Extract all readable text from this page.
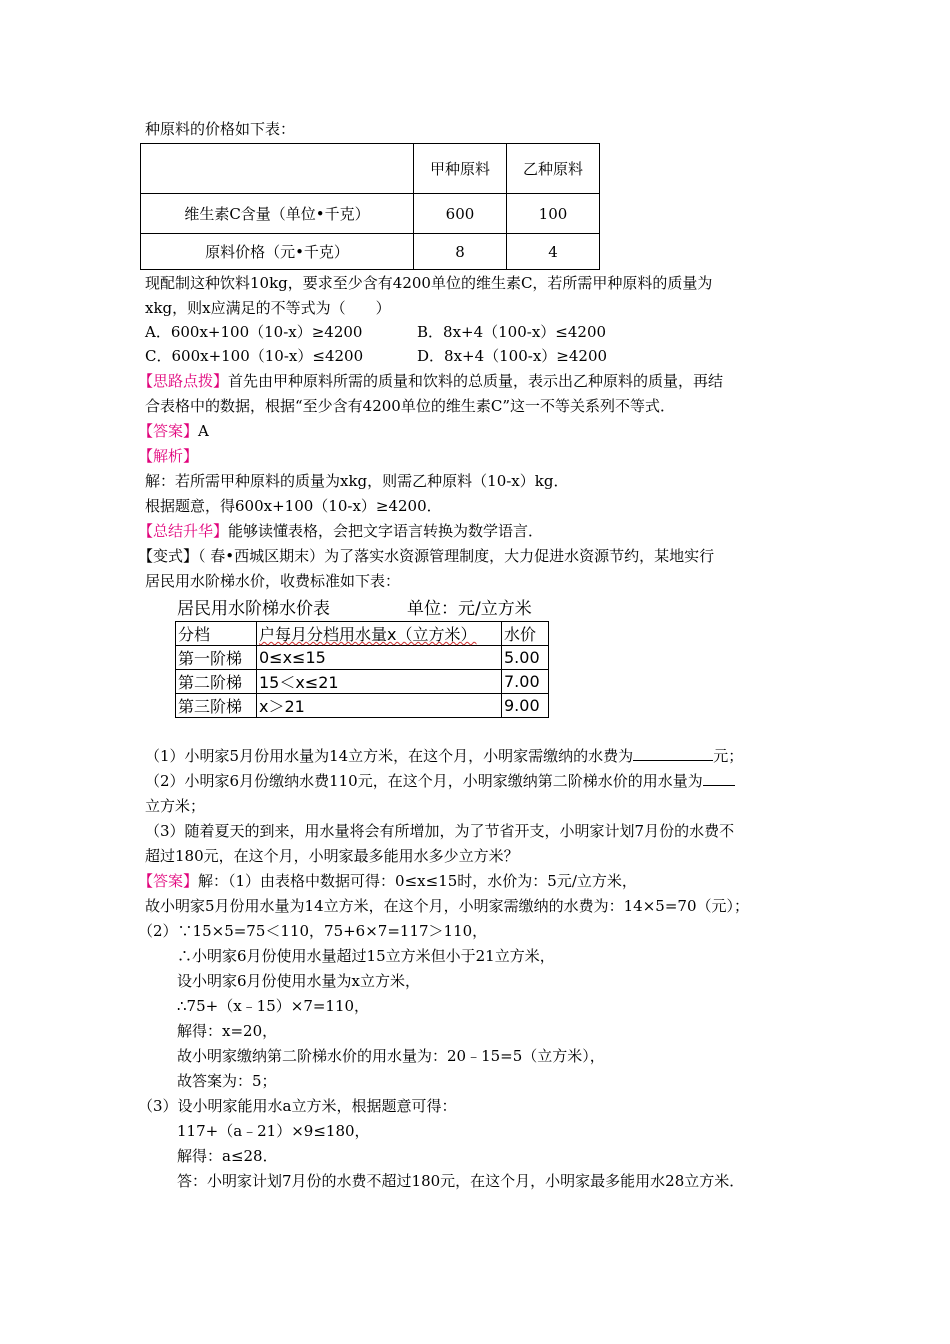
种原料的价格如下表：
	甲种原料	乙种原料
维生素C含量（单位•千克）	600	100
原料价格（元•千克）	8	4
现配制这种饮料10kg，要求至少含有4200单位的维生素C，若所需甲种原料的质量为
xkg，则x应满足的不等式为（　　）
A．600x+100（10-x）≥4200	B．8x+4（100-x）≤4200
C．600x+100（10-x）≤4200	D．8x+4（100-x）≥4200
【思路点拨】首先由甲种原料所需的质量和饮料的总质量，表示出乙种原料的质量，再结
合表格中的数据，根据“至少含有4200单位的维生素C”这一不等关系列不等式．
【答案】A
【解析】
解：若所需甲种原料的质量为xkg，则需乙种原料（10-x）kg．
根据题意，得600x+100（10-x）≥4200．
【总结升华】能够读懂表格，会把文字语言转换为数学语言．
【变式】（ 春•西城区期末）为了落实水资源管理制度，大力促进水资源节约，某地实行
居民用水阶梯水价，收费标准如下表：
居民用水阶梯水价表	单位：元/立方米
分档	户每月分档用水量x（立方米）	水价
第一阶梯	0≤x≤15	5.00
第二阶梯	15＜x≤21	7.00
第三阶梯	x＞21	9.00
（1）小明家5月份用水量为14立方米，在这个月，小明家需缴纳的水费为	元；
（2）小明家6月份缴纳水费110元，在这个月，小明家缴纳第二阶梯水价的用水量为
立方米；
（3）随着夏天的到来，用水量将会有所增加，为了节省开支，小明家计划7月份的水费不
超过180元，在这个月，小明家最多能用水多少立方米？
【答案】解：（1）由表格中数据可得：0≤x≤15时，水价为：5元/立方米，
故小明家5月份用水量为14立方米，在这个月，小明家需缴纳的水费为：14×5=70（元）；
（2）∵15×5=75＜110，75+6×7=117＞110，
∴小明家6月份使用水量超过15立方米但小于21立方米，
设小明家6月份使用水量为x立方米，
∴75+（x﹣15）×7=110，
解得：x=20，
故小明家缴纳第二阶梯水价的用水量为：20﹣15=5（立方米），
故答案为：5；
（3）设小明家能用水a立方米，根据题意可得：
117+（a﹣21）×9≤180，
解得：a≤28．
答：小明家计划7月份的水费不超过180元，在这个月，小明家最多能用水28立方米．
